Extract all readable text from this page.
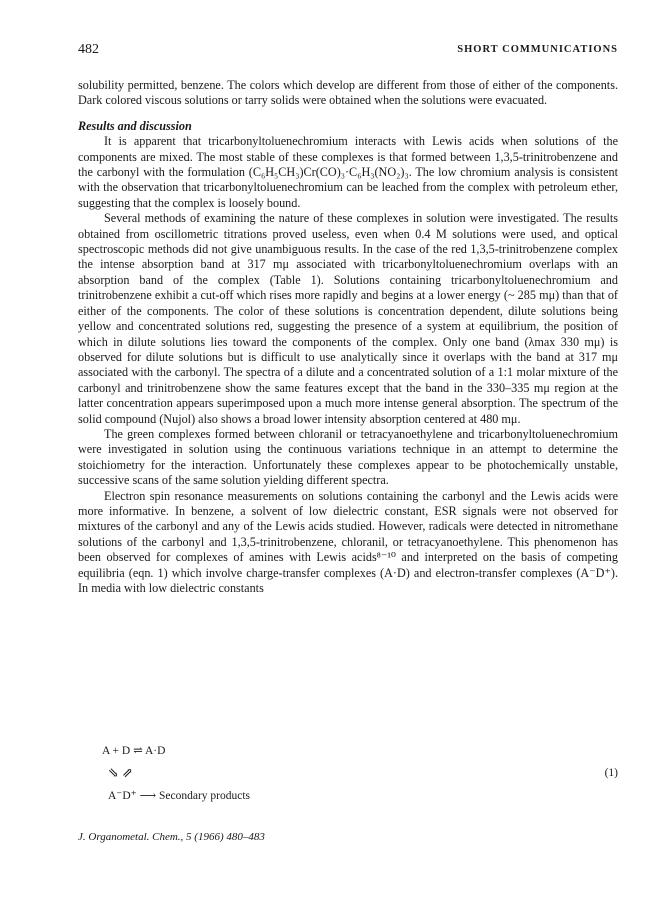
482	SHORT COMMUNICATIONS

solubility permitted, benzene. The colors which develop are different from those of either of the components. Dark colored viscous solutions or tarry solids were obtained when the solutions were evacuated.

Results and discussion

It is apparent that tricarbonyltoluenechromium interacts with Lewis acids when solutions of the components are mixed. The most stable of these complexes is that formed between 1,3,5-trinitrobenzene and the carbonyl with the formulation (C₆H₅CH₃)Cr(CO)₃·C₆H₃(NO₂)₃. The low chromium analysis is consistent with the observation that tricarbonyltoluenechromium can be leached from the complex with petroleum ether, suggesting that the complex is loosely bound.

Several methods of examining the nature of these complexes in solution were investigated. The results obtained from oscillometric titrations proved useless, even when 0.4 M solutions were used, and optical spectroscopic methods did not give unambiguous results. In the case of the red 1,3,5-trinitrobenzene complex the intense absorption band at 317 mμ associated with tricarbonyltoluenechromium overlaps with an absorption band of the complex (Table 1). Solutions containing tricarbonyltoluenechromium and trinitrobenzene exhibit a cut-off which rises more rapidly and begins at a lower energy (~ 285 mμ) than that of either of the components. The color of these solutions is concentration dependent, dilute solutions being yellow and concentrated solutions red, suggesting the presence of a system at equilibrium, the position of which in dilute solutions lies toward the components of the complex. Only one band (λmax 330 mμ) is observed for dilute solutions but is difficult to use analytically since it overlaps with the band at 317 mμ associated with the carbonyl. The spectra of a dilute and a concentrated solution of a 1:1 molar mixture of the carbonyl and trinitrobenzene show the same features except that the band in the 330–335 mμ region at the latter concentration appears superimposed upon a much more intense general absorption. The spectrum of the solid compound (Nujol) also shows a broad lower intensity absorption centered at 480 mμ.

The green complexes formed between chloranil or tetracyanoethylene and tricarbonyltoluenechromium were investigated in solution using the continuous variations technique in an attempt to determine the stoichiometry for the interaction. Unfortunately these complexes appear to be photochemically unstable, successive scans of the same solution yielding different spectra.

Electron spin resonance measurements on solutions containing the carbonyl and the Lewis acids were more informative. In benzene, a solvent of low dielectric constant, ESR signals were not observed for mixtures of the carbonyl and any of the Lewis acids studied. However, radicals were detected in nitromethane solutions of the carbonyl and 1,3,5-trinitrobenzene, chloranil, or tetracyanoethylene. This phenomenon has been observed for complexes of amines with Lewis acids⁸⁻¹⁰ and interpreted on the basis of competing equilibria (eqn. 1) which involve charge-transfer complexes (A·D) and electron-transfer complexes (A⁻D⁺). In media with low dielectric constants

A + D ⇌ A·D
⇘ ⇗
A⁻D⁺ ⟶ Secondary products
(1)
J. Organometal. Chem., 5 (1966) 480–483
